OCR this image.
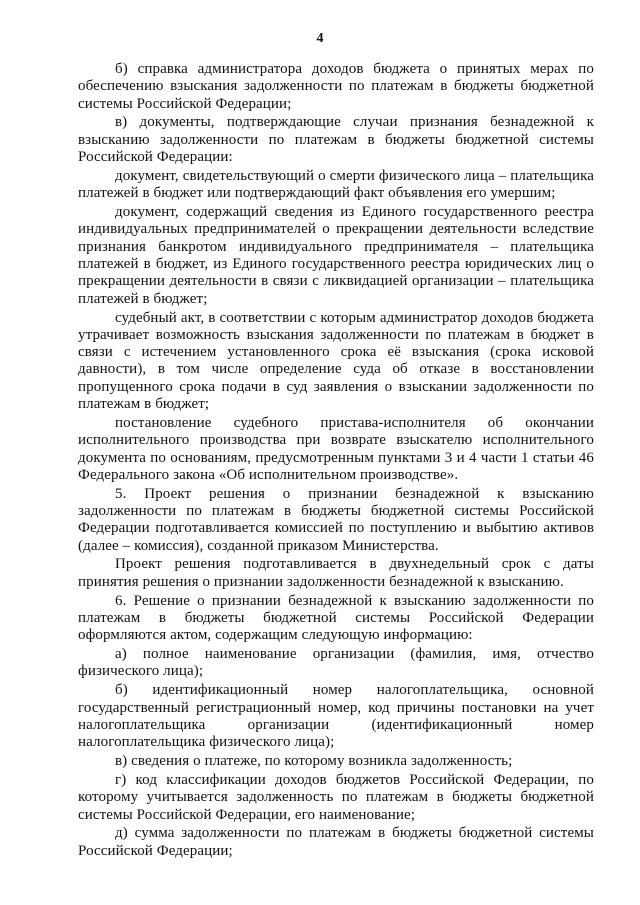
4

б) справка администратора доходов бюджета о принятых мерах по обеспечению взыскания задолженности по платежам в бюджеты бюджетной системы Российской Федерации;

в) документы, подтверждающие случаи признания безнадежной к взысканию задолженности по платежам в бюджеты бюджетной системы Российской Федерации:

документ, свидетельствующий о смерти физического лица – плательщика платежей в бюджет или подтверждающий факт объявления его умершим;

документ, содержащий сведения из Единого государственного реестра индивидуальных предпринимателей о прекращении деятельности вследствие признания банкротом индивидуального предпринимателя – плательщика платежей в бюджет, из Единого государственного реестра юридических лиц о прекращении деятельности в связи с ликвидацией организации – плательщика платежей в бюджет;

судебный акт, в соответствии с которым администратор доходов бюджета утрачивает возможность взыскания задолженности по платежам в бюджет в связи с истечением установленного срока её взыскания (срока исковой давности), в том числе определение суда об отказе в восстановлении пропущенного срока подачи в суд заявления о взыскании задолженности по платежам в бюджет;

постановление судебного пристава-исполнителя об окончании исполнительного производства при возврате взыскателю исполнительного документа по основаниям, предусмотренным пунктами 3 и 4 части 1 статьи 46 Федерального закона «Об исполнительном производстве».

5. Проект решения о признании безнадежной к взысканию задолженности по платежам в бюджеты бюджетной системы Российской Федерации подготавливается комиссией по поступлению и выбытию активов (далее – комиссия), созданной приказом Министерства.

Проект решения подготавливается в двухнедельный срок с даты принятия решения о признании задолженности безнадежной к взысканию.

6. Решение о признании безнадежной к взысканию задолженности по платежам в бюджеты бюджетной системы Российской Федерации оформляются актом, содержащим следующую информацию:

а) полное наименование организации (фамилия, имя, отчество физического лица);

б) идентификационный номер налогоплательщика, основной государственный регистрационный номер, код причины постановки на учет налогоплательщика организации (идентификационный номер налогоплательщика физического лица);

в) сведения о платеже, по которому возникла задолженность;

г) код классификации доходов бюджетов Российской Федерации, по которому учитывается задолженность по платежам в бюджеты бюджетной системы Российской Федерации, его наименование;

д) сумма задолженности по платежам в бюджеты бюджетной системы Российской Федерации;
